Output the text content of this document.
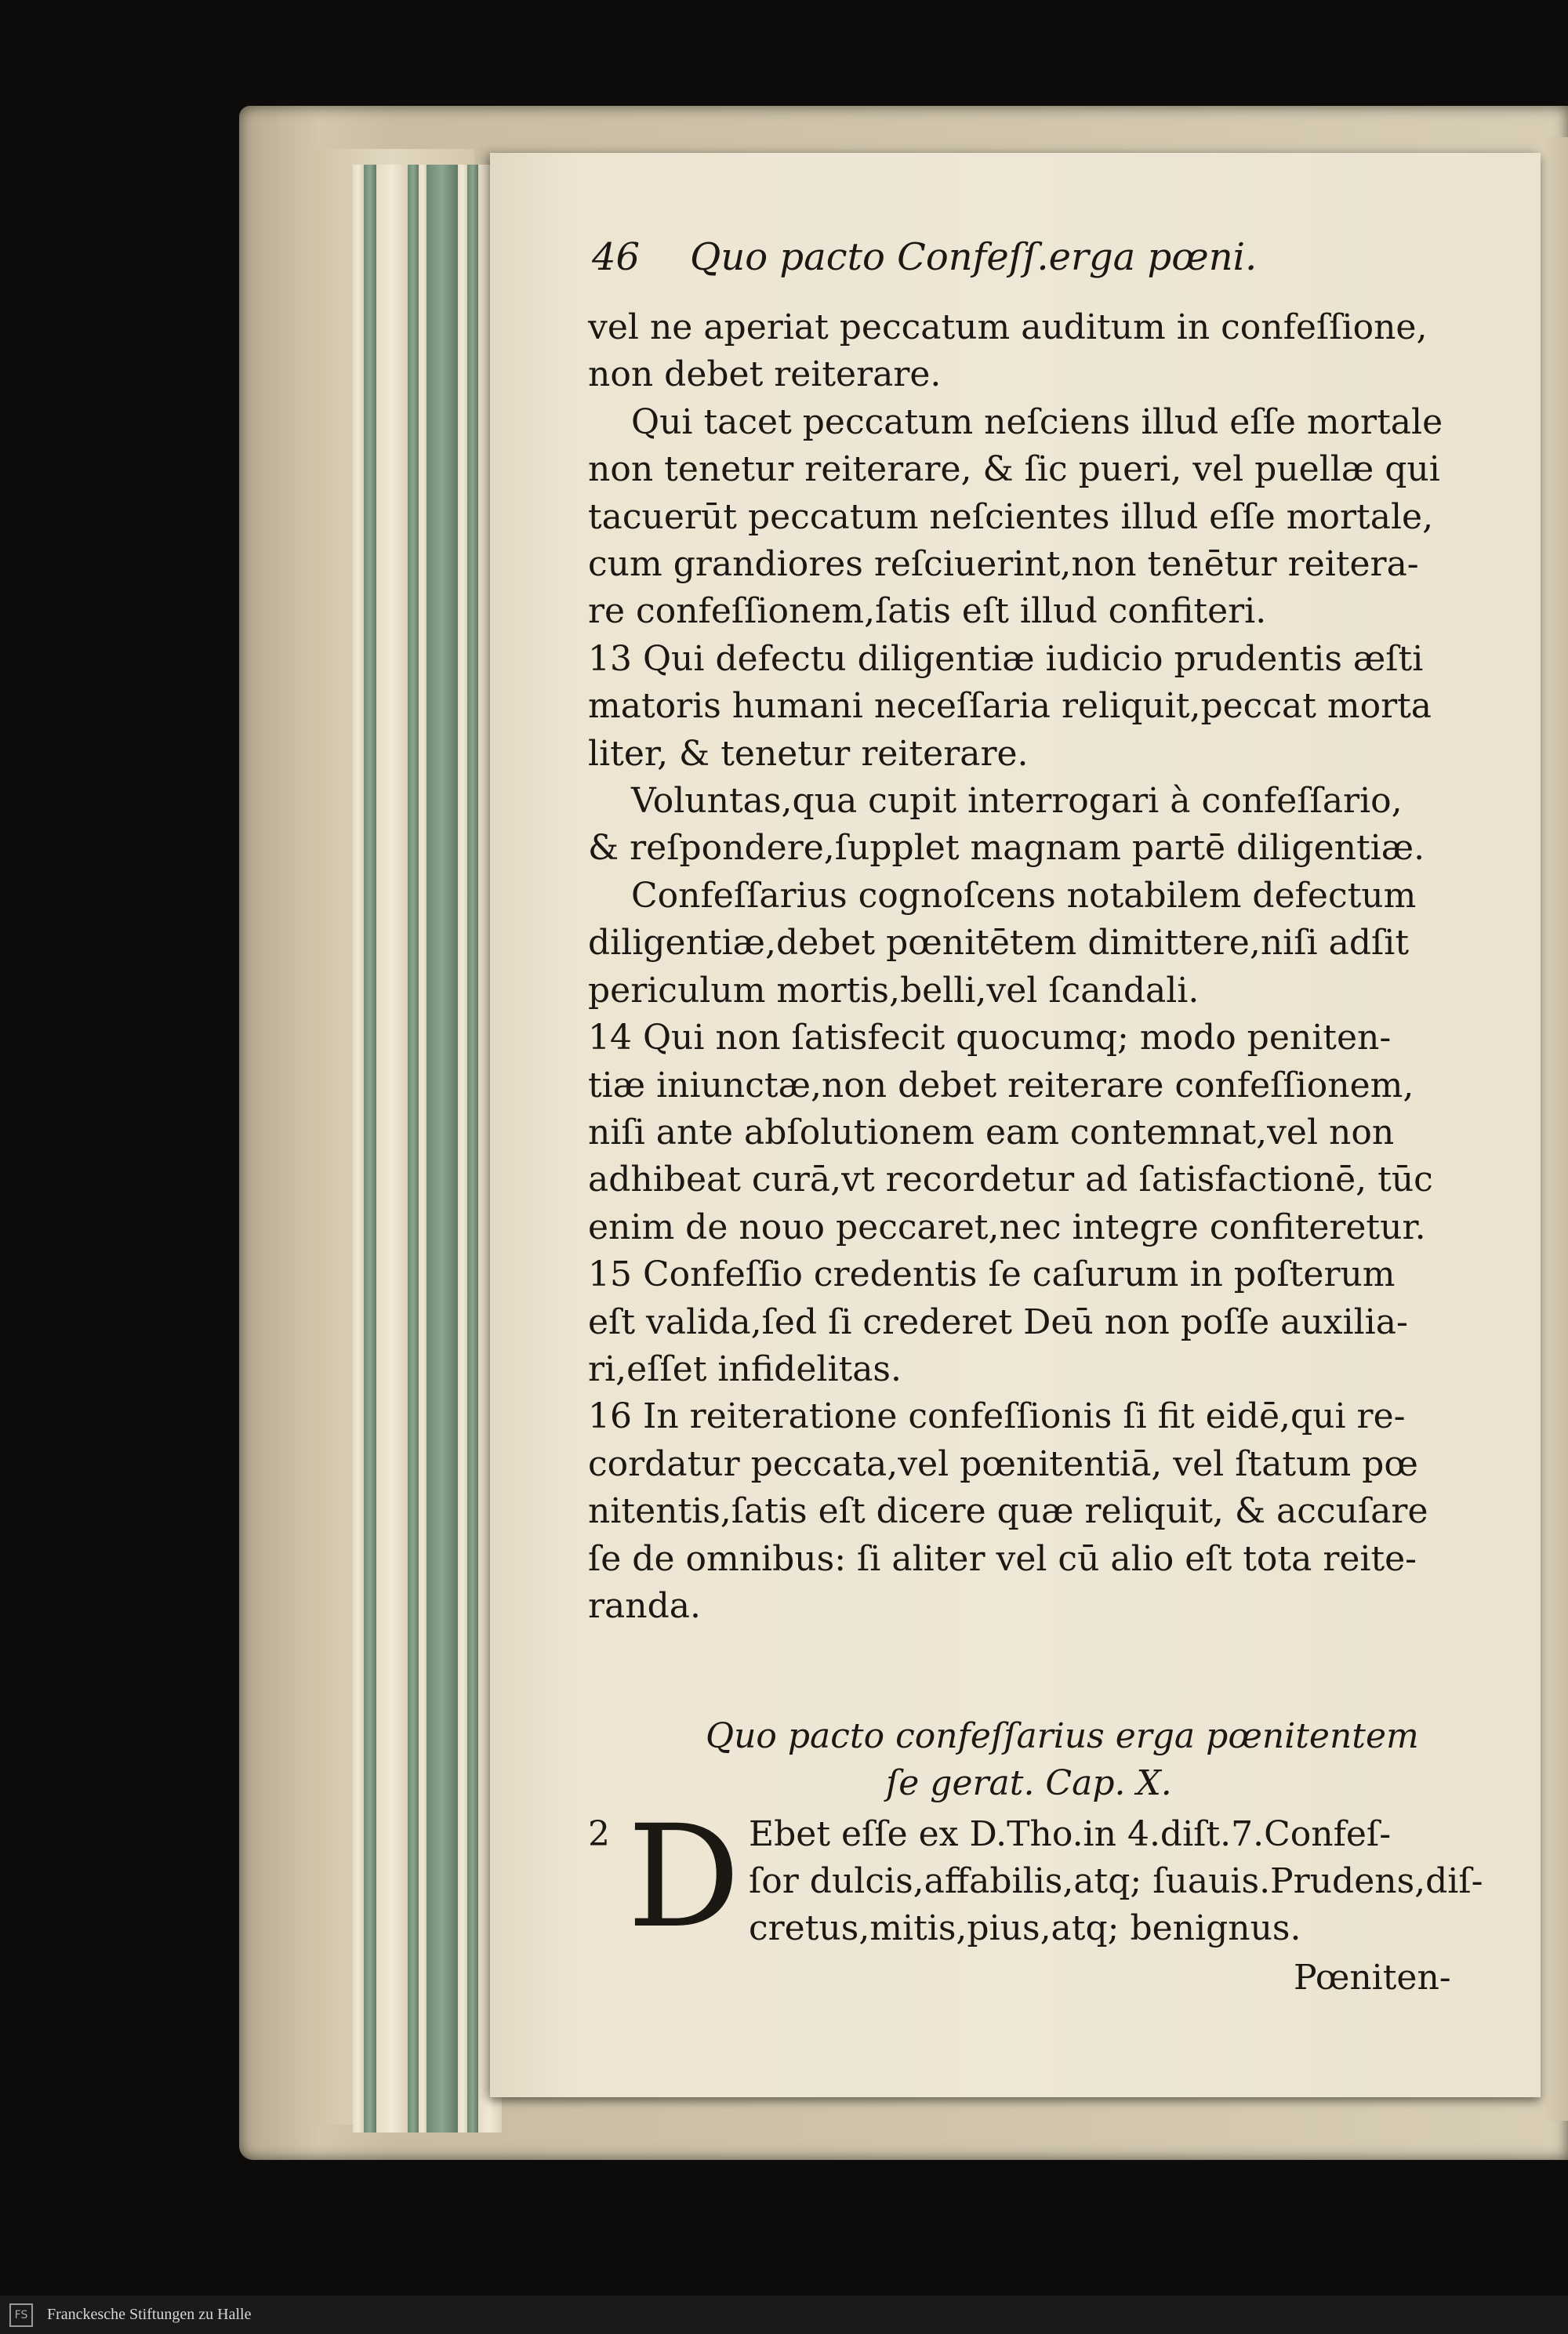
46 Quo pacto Confeſſ.erga pœni.
vel ne aperiat peccatum auditum in confeſſione,
non debet reiterare.
Qui tacet peccatum neſciens illud eſſe mortale
non tenetur reiterare, & ſic pueri, vel puellæ qui
tacuerūt peccatum neſcientes illud eſſe mortale,
cum grandiores reſciuerint,non tenētur reitera-
re confeſſionem,ſatis eſt illud confiteri.
13 Qui defectu diligentiæ iudicio prudentis æſti
matoris humani neceſſaria reliquit,peccat morta
liter, & tenetur reiterare.
Voluntas,qua cupit interrogari à confeſſario,
& reſpondere,ſupplet magnam partē diligentiæ.
Confeſſarius cognoſcens notabilem defectum
diligentiæ,debet pœnitētem dimittere,niſi adſit
periculum mortis,belli,vel ſcandali.
14 Qui non ſatisfecit quocumq; modo peniten-
tiæ iniunctæ,non debet reiterare confeſſionem,
niſi ante abſolutionem eam contemnat,vel non
adhibeat curā,vt recordetur ad ſatisfactionē, tūc
enim de nouo peccaret,nec integre confiteretur.
15 Confeſſio credentis ſe caſurum in poſterum
eſt valida,ſed ſi crederet Deū non poſſe auxilia-
ri,eſſet infidelitas.
16 In reiteratione confeſſionis ſi fit eidē,qui re-
cordatur peccata,vel pœnitentiā, vel ſtatum pœ
nitentis,ſatis eſt dicere quæ reliquit, & accuſare
ſe de omnibus: ſi aliter vel cū alio eſt tota reite-
randa.
Quo pacto confeſſarius erga pœnitentem
ſe gerat. Cap. X.
D
2	Ebet eſſe ex D.Tho.in 4.diſt.7.Confeſ-
ſor dulcis,affabilis,atq; ſuauis.Prudens,diſ-
cretus,mitis,pius,atq; benignus.
Pœniten-
FS	Franckesche Stiftungen zu Halle
